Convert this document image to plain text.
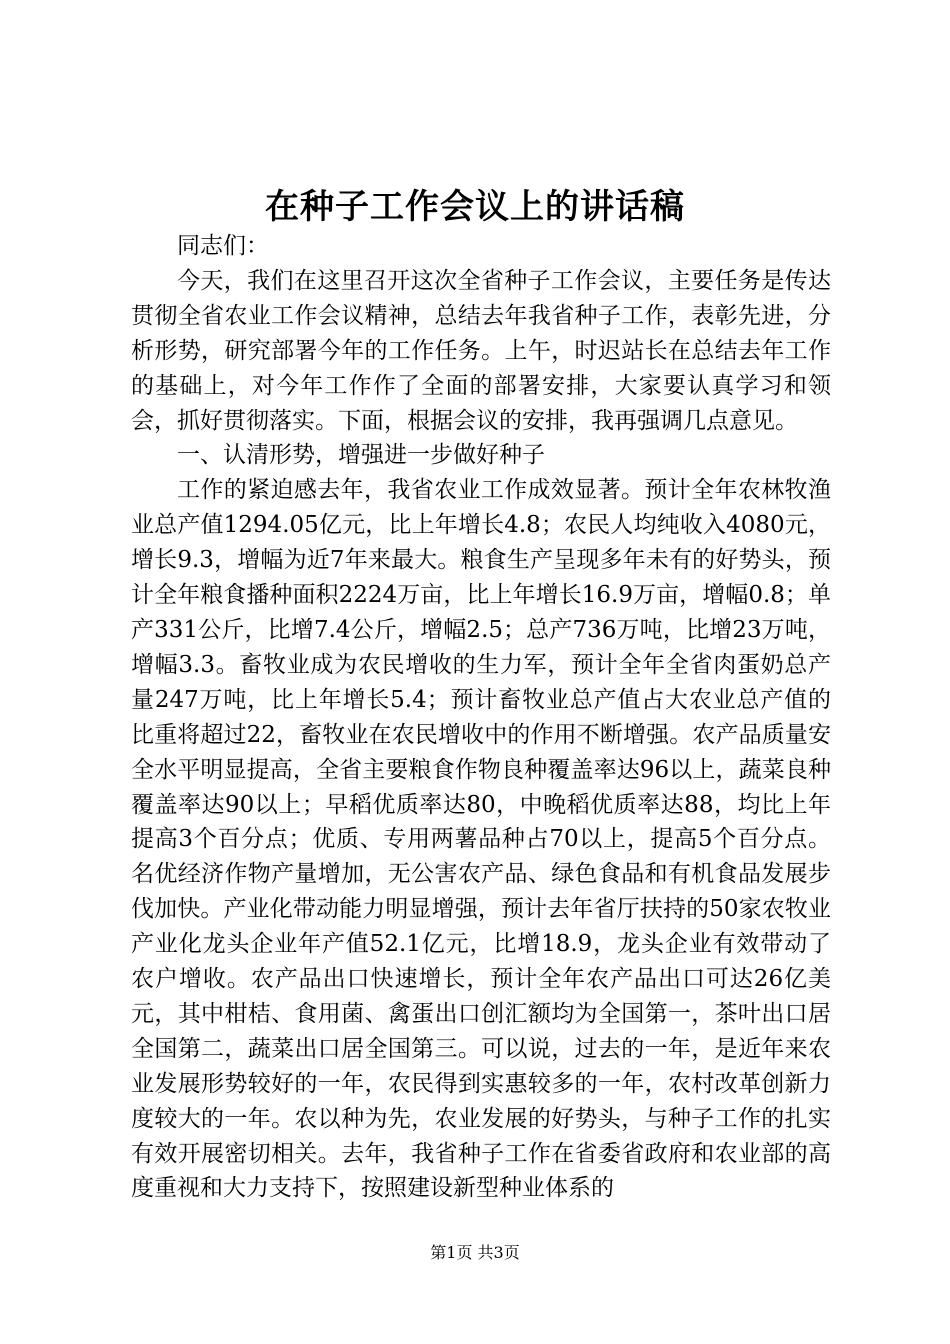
在种子工作会议上的讲话稿

同志们：

今天，我们在这里召开这次全省种子工作会议，主要任务是传达贯彻全省农业工作会议精神，总结去年我省种子工作，表彰先进，分析形势，研究部署今年的工作任务。上午，时迟站长在总结去年工作的基础上，对今年工作作了全面的部署安排，大家要认真学习和领会，抓好贯彻落实。下面，根据会议的安排，我再强调几点意见。

一、认清形势，增强进一步做好种子

工作的紧迫感去年，我省农业工作成效显著。预计全年农林牧渔业总产值1294.05亿元，比上年增长4.8；农民人均纯收入4080元，增长9.3，增幅为近7年来最大。粮食生产呈现多年未有的好势头，预计全年粮食播种面积2224万亩，比上年增长16.9万亩，增幅0.8；单产331公斤，比增7.4公斤，增幅2.5；总产736万吨，比增23万吨，增幅3.3。畜牧业成为农民增收的生力军，预计全年全省肉蛋奶总产量247万吨，比上年增长5.4；预计畜牧业总产值占大农业总产值的比重将超过22，畜牧业在农民增收中的作用不断增强。农产品质量安全水平明显提高，全省主要粮食作物良种覆盖率达96以上，蔬菜良种覆盖率达90以上；早稻优质率达80，中晚稻优质率达88，均比上年提高3个百分点；优质、专用两薯品种占70以上，提高5个百分点。名优经济作物产量增加，无公害农产品、绿色食品和有机食品发展步伐加快。产业化带动能力明显增强，预计去年省厅扶持的50家农牧业产业化龙头企业年产值52.1亿元，比增18.9，龙头企业有效带动了农户增收。农产品出口快速增长，预计全年农产品出口可达26亿美元，其中柑桔、食用菌、禽蛋出口创汇额均为全国第一，茶叶出口居全国第二，蔬菜出口居全国第三。可以说，过去的一年，是近年来农业发展形势较好的一年，农民得到实惠较多的一年，农村改革创新力度较大的一年。农以种为先，农业发展的好势头，与种子工作的扎实有效开展密切相关。去年，我省种子工作在省委省政府和农业部的高度重视和大力支持下，按照建设新型种业体系的

第1页 共3页
